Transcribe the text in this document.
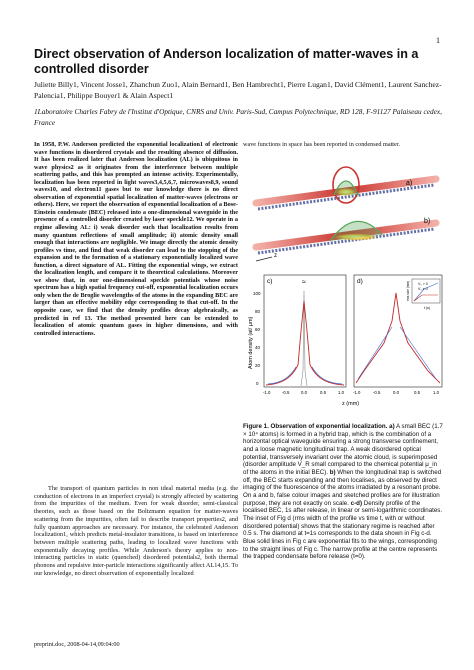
1
Direct observation of Anderson localization of matter-waves in a controlled disorder
Juliette Billy1, Vincent Josse1, Zhanchun Zuo1, Alain Bernard1, Ben Hambrecht1, Pierre Lugan1, David Clément1, Laurent Sanchez-Palencia1, Philippe Bouyer1 & Alain Aspect1
1Laboratoire Charles Fabry de l'Institut d'Optique, CNRS and Univ. Paris-Sud, Campus Polytechnique, RD 128, F-91127 Palaiseau cedex, France

In 1958, P.W. Anderson predicted the exponential localization1 of electronic wave functions in disordered crystals and the resulting absence of diffusion. It has been realized later that Anderson localization (AL) is ubiquitous in wave physics2 as it originates from the interference between multiple scattering paths, and this has prompted an intense activity. Experimentally, localization has been reported in light waves3,4,5,6,7, microwaves8,9, sound waves10, and electron11 gases but to our knowledge there is no direct observation of exponential spatial localization of matter-waves (electrons or others). Here, we report the observation of exponential localization of a Bose-Einstein condensate (BEC) released into a one-dimensional waveguide in the presence of a controlled disorder created by laser speckle12. We operate in a regime allowing AL: i) weak disorder such that localization results from many quantum reflections of small amplitude; ii) atomic density small enough that interactions are negligible. We image directly the atomic density profiles vs time, and find that weak disorder can lead to the stopping of the expansion and to the formation of a stationary exponentially localized wave function, a direct signature of AL. Fitting the exponential wings, we extract the localization length, and compare it to theoretical calculations. Moreover we show that, in our one-dimensional speckle potentials whose noise spectrum has a high spatial frequency cut-off, exponential localization occurs only when the de Broglie wavelengths of the atoms in the expanding BEC are larger than an effective mobility edge corresponding to that cut-off. In the opposite case, we find that the density profiles decay algebraically, as predicted in ref 13. The method presented here can be extended to localization of atomic quantum gases in higher dimensions, and with controlled interactions.

The transport of quantum particles in non ideal material media (e.g. the conduction of electrons in an imperfect crystal) is strongly affected by scattering from the impurities of the medium. Even for weak disorder, semi-classical theories, such as those based on the Boltzmann equation for matter-waves scattering from the impurities, often fail to describe transport properties2, and fully quantum approaches are necessary. For instance, the celebrated Anderson localization1, which predicts metal-insulator transitions, is based on interference between multiple scattering paths, leading to localized wave functions with exponentially decaying profiles. While Anderson's theory applies to non-interacting particles in static (quenched) disordered potentials2, both thermal phonons and repulsive inter-particle interactions significantly affect AL14,15. To our knowledge, no direct observation of exponentially localized

preprint.doc, 2008-04-14,09:04:00

wave functions in space has been reported in condensed matter.

a)
b)
z
c)	d)
≈
Atom density (at/ µm)
0
20
40
60
80
100
-1.0	-0.5	0.0	0.5	1.0 -1.0	-0.5	0.0	0.5	1.0
z (mm)
V₀ = 0
V₀ ≠ 0
t (s)
rms size (mm)

Figure 1. Observation of exponential localization. a) A small BEC (1.7 × 10⁴ atoms) is formed in a hybrid trap, which is the combination of a horizontal optical waveguide ensuring a strong transverse confinement, and a loose magnetic longitudinal trap. A weak disordered optical potential, transversely invariant over the atomic cloud, is superimposed (disorder amplitude V_R small compared to the chemical potential μ_in of the atoms in the initial BEC). b) When the longitudinal trap is switched off, the BEC starts expanding and then localises, as observed by direct imaging of the fluorescence of the atoms irradiated by a resonant probe. On a and b, false colour images and sketched profiles are for illustration purpose, they are not exactly on scale. c-d) Density profile of the localised BEC, 1s after release, in linear or semi-logarithmic coordinates. The inset of Fig d (rms width of the profile vs time t, with or without disordered potential) shows that the stationary regime is reached after 0.5 s. The diamond at t=1s corresponds to the data shown in Fig c-d. Blue solid lines in Fig c are exponential fits to the wings, corresponding to the straight lines of Fig c. The narrow profile at the centre represents the trapped condensate before release (t=0).
